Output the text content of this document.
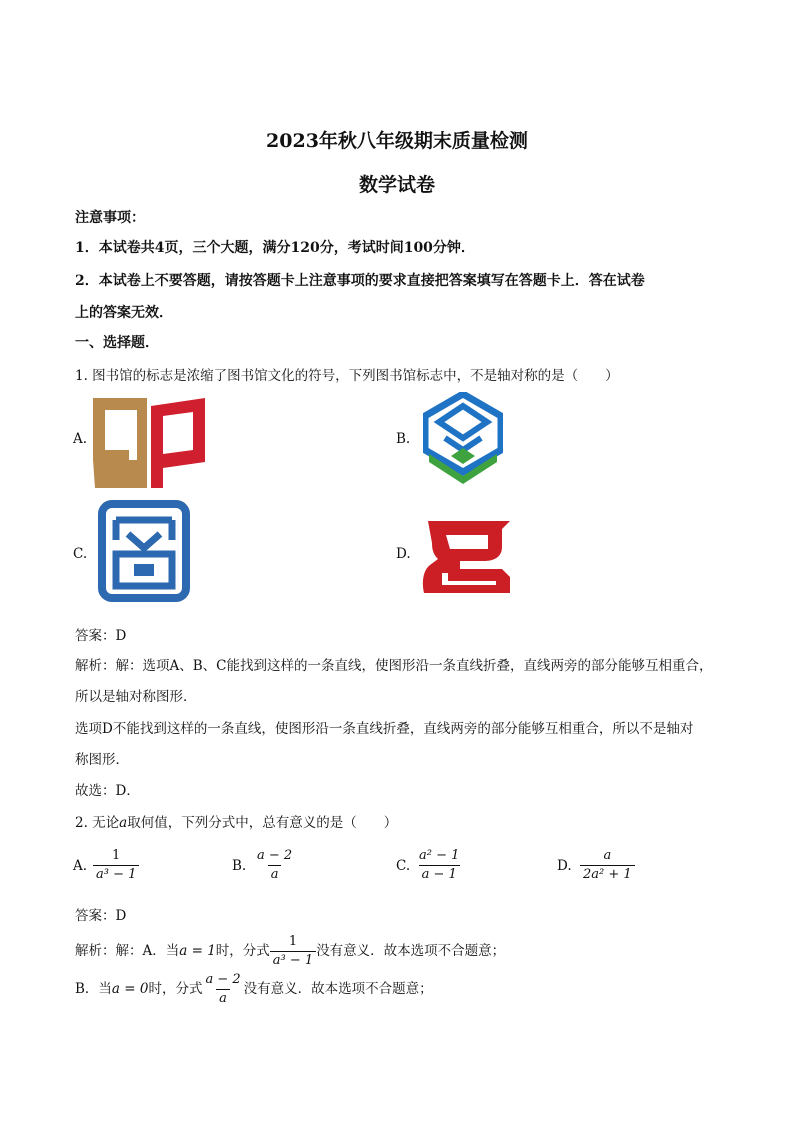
2023年秋八年级期末质量检测
数学试卷
注意事项：
1．本试卷共4页，三个大题，满分120分，考试时间100分钟．
2．本试卷上不要答题，请按答题卡上注意事项的要求直接把答案填写在答题卡上．答在试卷
上的答案无效．
一、选择题．
1. 图书馆的标志是浓缩了图书馆文化的符号，下列图书馆标志中，不是轴对称的是（　　）
A.	B.
C.	D.
答案：D
解析：解：选项A、B、C能找到这样的一条直线，使图形沿一条直线折叠，直线两旁的部分能够互相重合，
所以是轴对称图形．
选项D不能找到这样的一条直线，使图形沿一条直线折叠，直线两旁的部分能够互相重合，所以不是轴对
称图形．
故选：D．
2. 无论a取何值，下列分式中，总有意义的是（　　）
A. $\frac{1}{\text{a³ − 1}}$	B. $\frac{a - 2}{a}$	C. $\frac{\text{a² − 1}}{a - 1}$	D. $\frac{a}{\text{2a² + 1}}$
答案：D
解析：解：A．当a = 1时，分式 $\frac{1}{\text{a³ − 1}}$ 没有意义．故本选项不合题意；
B．当a = 0时，分式 $\frac{a - 2}{a}$ 没有意义．故本选项不合题意；
